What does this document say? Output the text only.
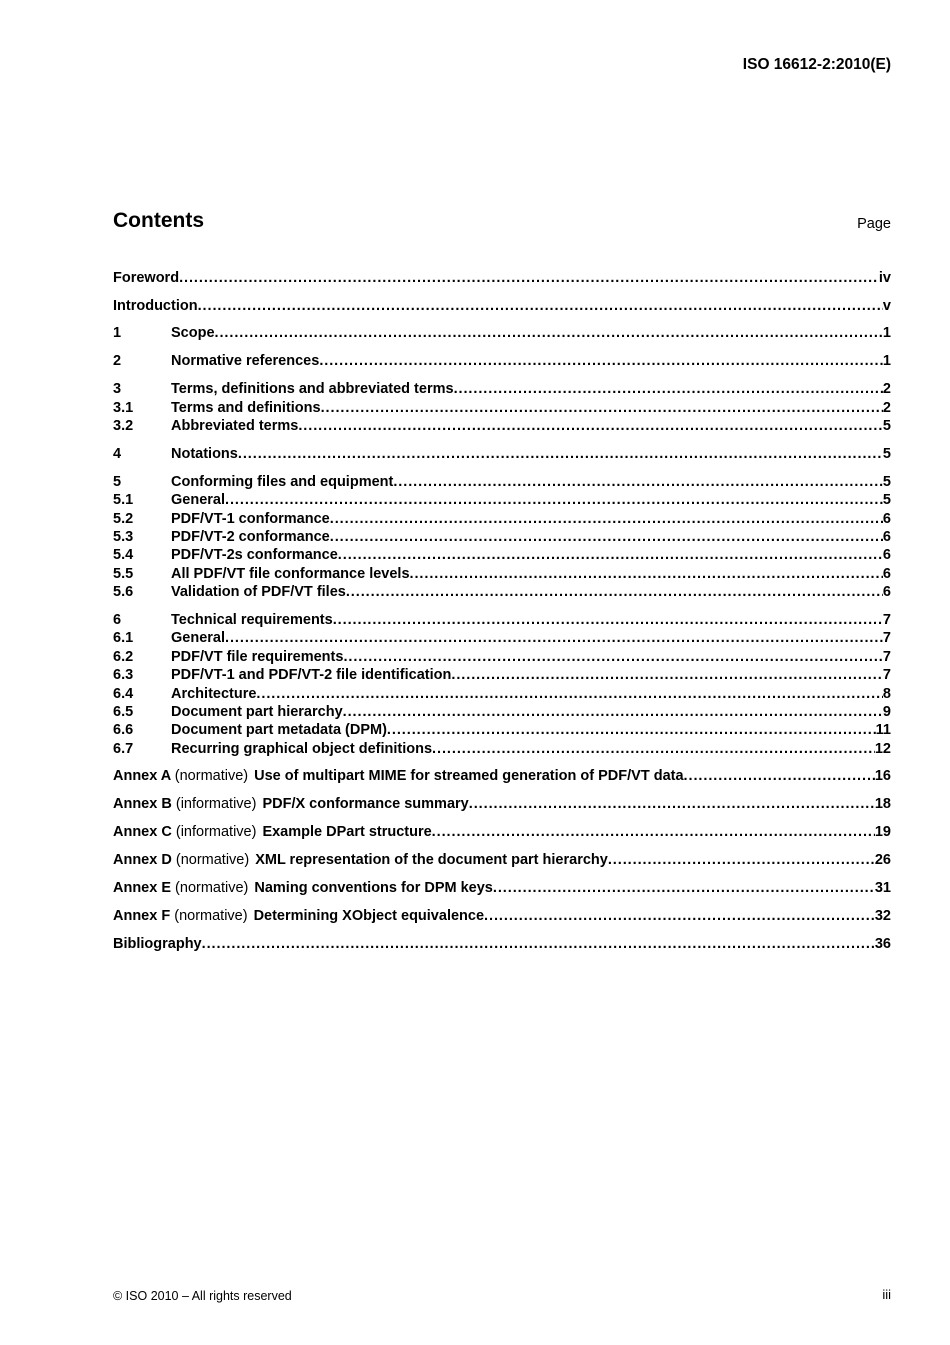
ISO 16612-2:2010(E)
Contents	Page
Foreword . . .	iv
Introduction . . .	v
1	Scope . . .	1
2	Normative references . . .	1
3	Terms, definitions and abbreviated terms . . .	2
3.1	Terms and definitions . . .	2
3.2	Abbreviated terms . . .	5
4	Notations . . .	5
5	Conforming files and equipment . . .	5
5.1	General . . .	5
5.2	PDF/VT-1 conformance . . .	6
5.3	PDF/VT-2 conformance . . .	6
5.4	PDF/VT-2s conformance . . .	6
5.5	All PDF/VT file conformance levels . . .	6
5.6	Validation of PDF/VT files . . .	6
6	Technical requirements . . .	7
6.1	General . . .	7
6.2	PDF/VT file requirements . . .	7
6.3	PDF/VT-1 and PDF/VT-2 file identification . . .	7
6.4	Architecture . . .	8
6.5	Document part hierarchy . . .	9
6.6	Document part metadata (DPM) . . .	11
6.7	Recurring graphical object definitions . . .	12
Annex A (normative) Use of multipart MIME for streamed generation of PDF/VT data . . .	16
Annex B (informative) PDF/X conformance summary . . .	18
Annex C (informative) Example DPart structure . . .	19
Annex D (normative) XML representation of the document part hierarchy . . .	26
Annex E (normative) Naming conventions for DPM keys . . .	31
Annex F (normative) Determining XObject equivalence . . .	32
Bibliography . . .	36
© ISO 2010 – All rights reserved	iii
